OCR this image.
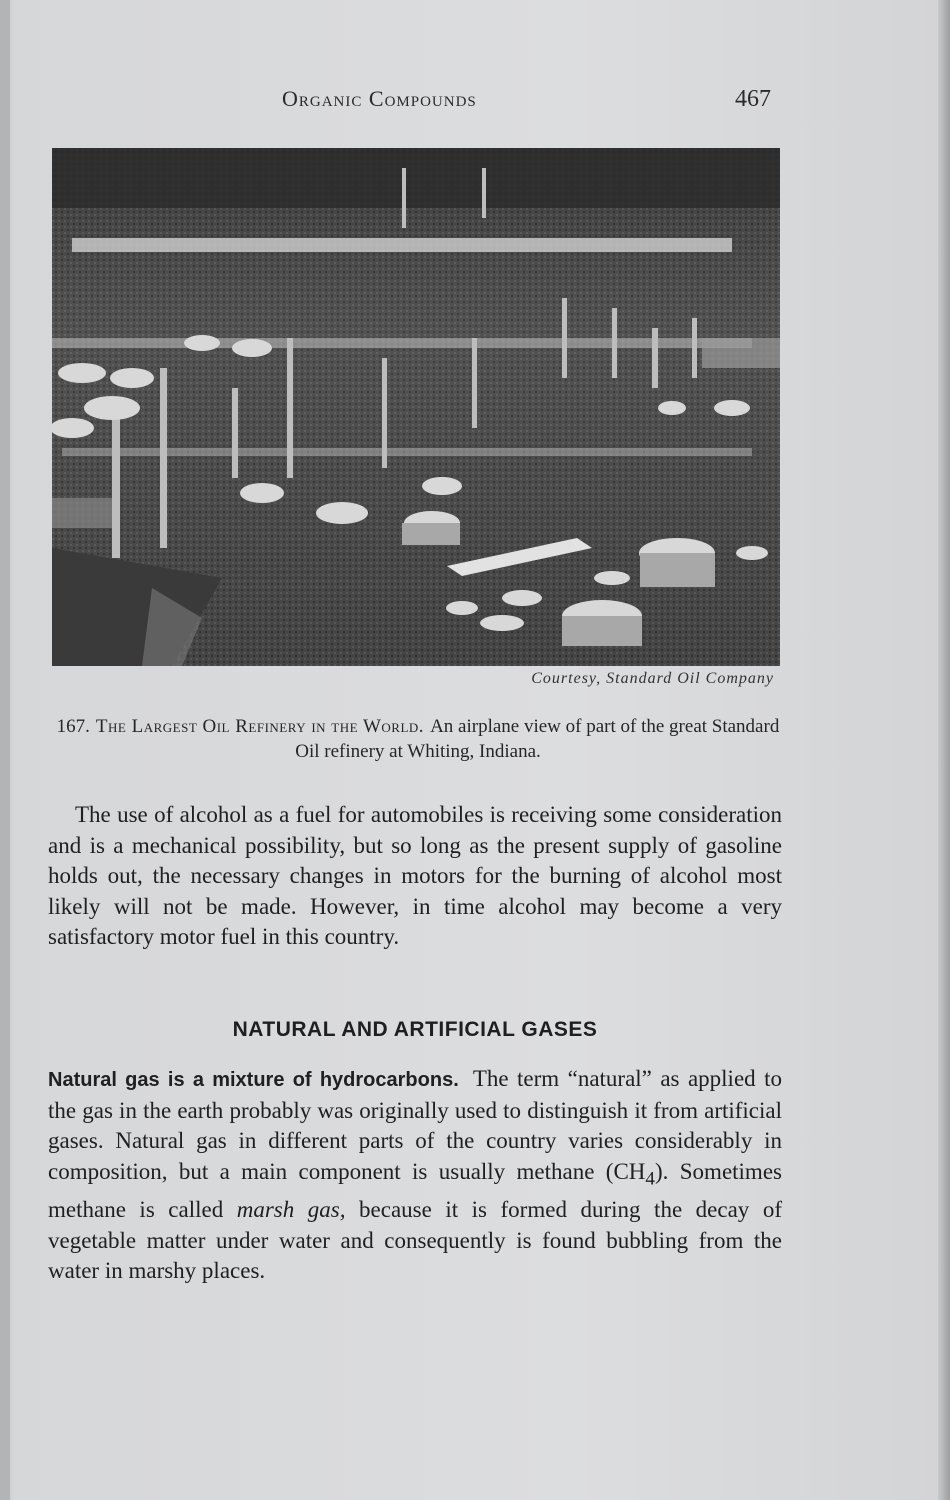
Organic Compounds	467
Courtesy, Standard Oil Company
167. The Largest Oil Refinery in the World. An airplane view of part of the great Standard Oil refinery at Whiting, Indiana.

The use of alcohol as a fuel for automobiles is receiving some consideration and is a mechanical possibility, but so long as the present supply of gasoline holds out, the necessary changes in motors for the burning of alcohol most likely will not be made. However, in time alcohol may become a very satisfactory motor fuel in this country.

NATURAL AND ARTIFICIAL GASES

Natural gas is a mixture of hydrocarbons. The term “natural” as applied to the gas in the earth probably was originally used to distinguish it from artificial gases. Natural gas in different parts of the country varies considerably in composition, but a main component is usually methane $(CH_4)$. Sometimes methane is called marsh gas, because it is formed during the decay of vegetable matter under water and consequently is found bubbling from the water in marshy places.
